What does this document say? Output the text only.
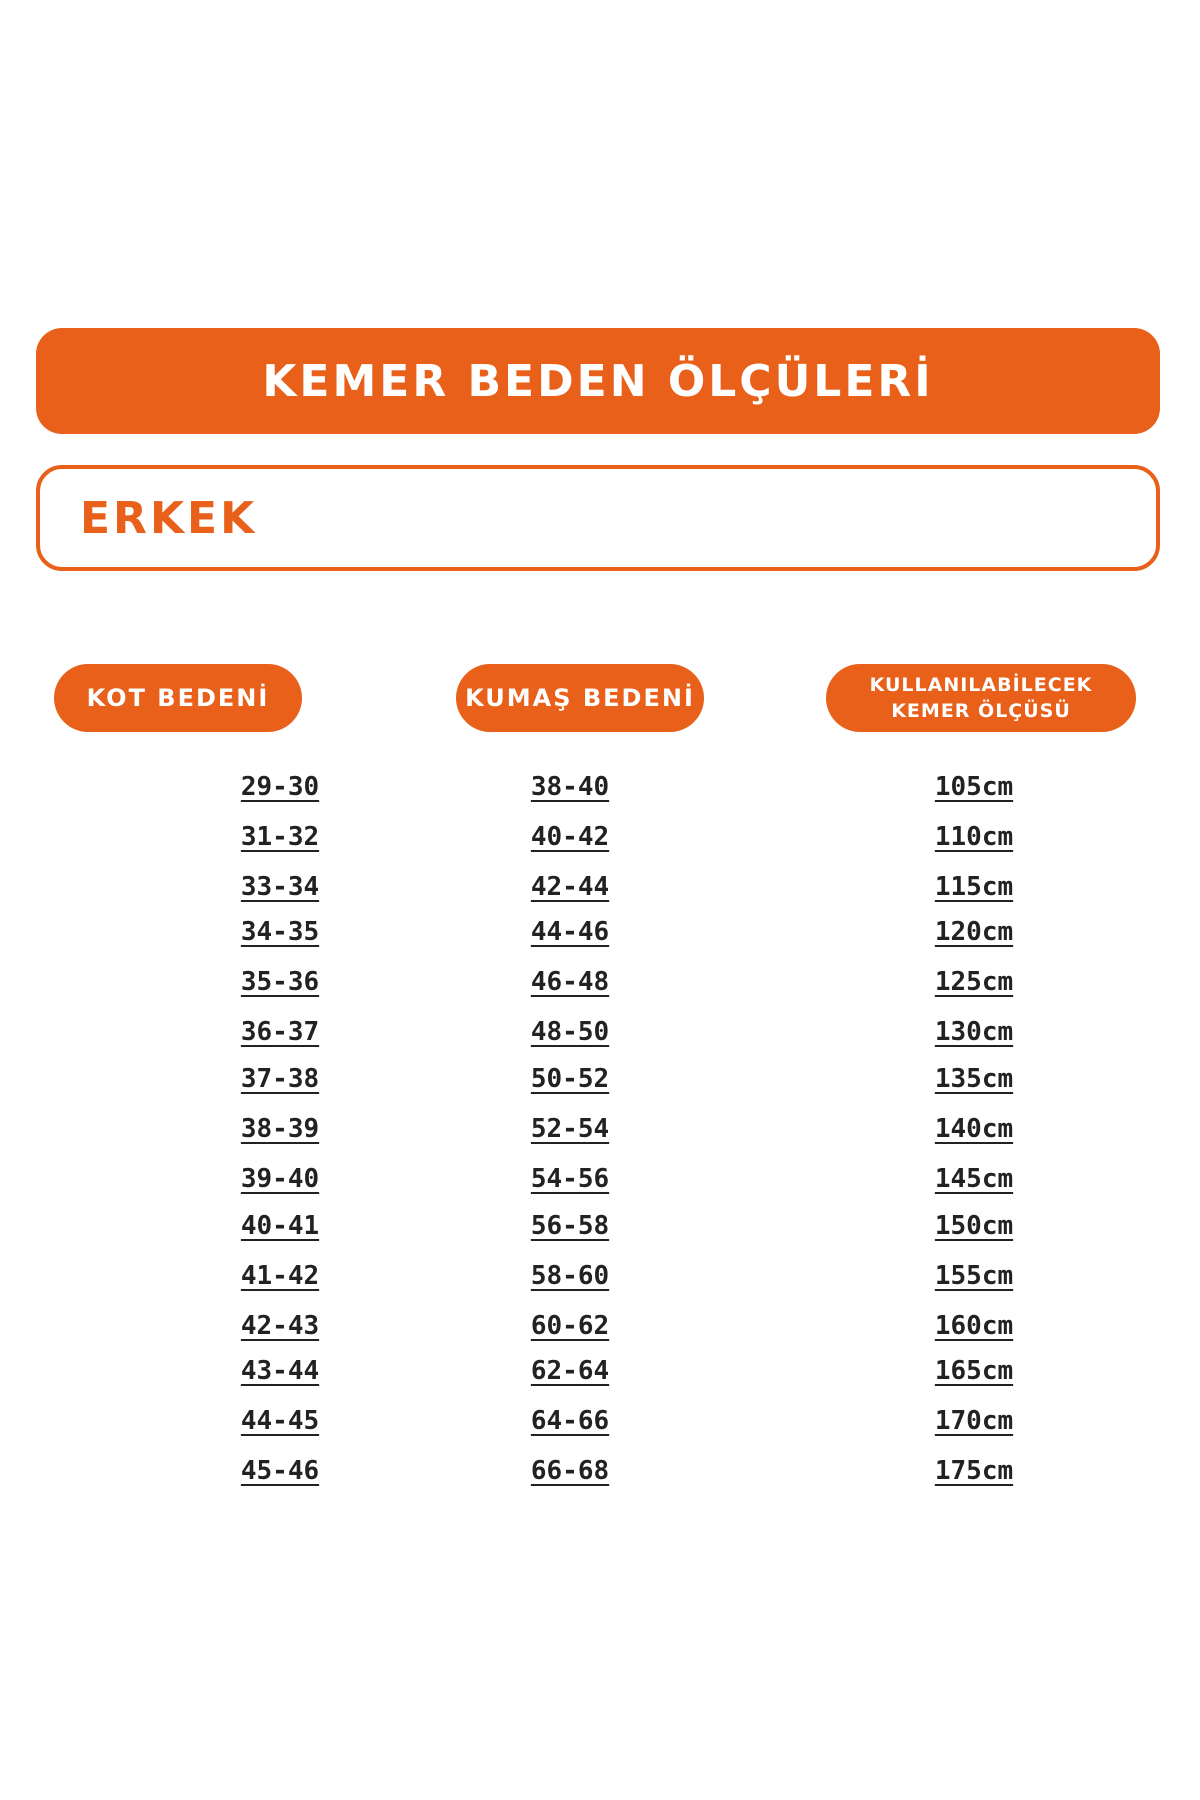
KEMER BEDEN ÖLÇÜLERİ
ERKEK
KOT BEDENİ	KUMAŞ BEDENİ	KULLANILABİLECEK
KEMER ÖLÇÜSÜ
29-30	38-40	105cm
31-32	40-42	110cm
33-34	42-44	115cm
34-35	44-46	120cm
35-36	46-48	125cm
36-37	48-50	130cm
37-38	50-52	135cm
38-39	52-54	140cm
39-40	54-56	145cm
40-41	56-58	150cm
41-42	58-60	155cm
42-43	60-62	160cm
43-44	62-64	165cm
44-45	64-66	170cm
45-46	66-68	175cm
